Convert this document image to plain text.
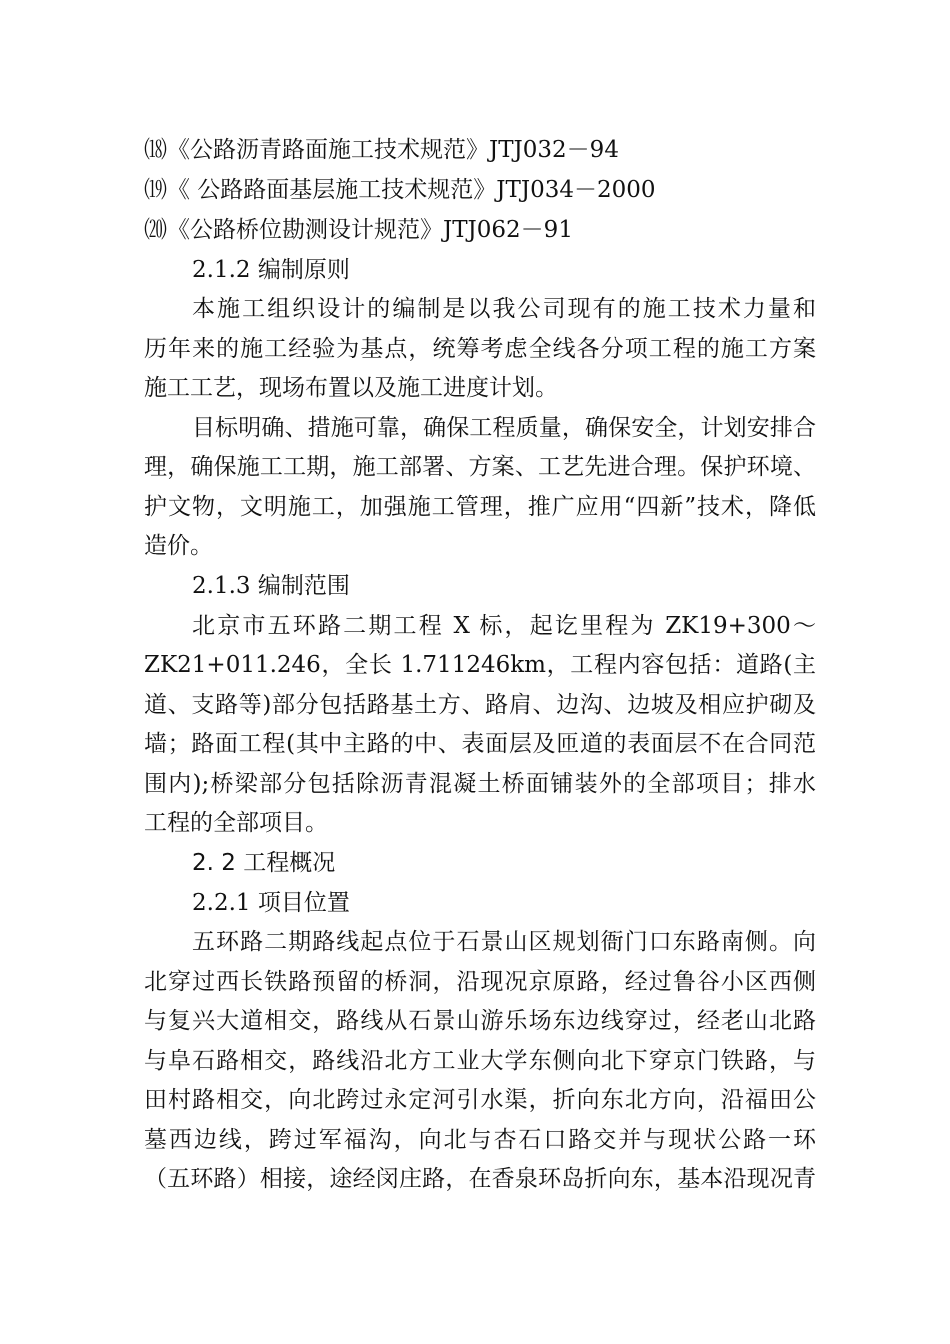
⒅《公路沥青路面施工技术规范》JTJ032－94
⒆《 公路路面基层施工技术规范》JTJ034－2000
⒇《公路桥位勘测设计规范》JTJ062－91
2.1.2 编制原则
本施工组织设计的编制是以我公司现有的施工技术力量和
历年来的施工经验为基点，统筹考虑全线各分项工程的施工方案
施工工艺，现场布置以及施工进度计划。
目标明确、措施可靠，确保工程质量，确保安全，计划安排合
理，确保施工工期，施工部署、方案、工艺先进合理。保护环境、
护文物，文明施工，加强施工管理，推广应用“四新”技术，降低
造价。
2.1.3 编制范围
北京市五环路二期工程 X 标，起讫里程为 ZK19+300～
ZK21+011.246，全长 1.711246km，工程内容包括：道路(主
道、支路等)部分包括路基土方、路肩、边沟、边坡及相应护砌及
墙；路面工程(其中主路的中、表面层及匝道的表面层不在合同范
围内);桥梁部分包括除沥青混凝土桥面铺装外的全部项目；排水
工程的全部项目。
2. 2 工程概况
2.2.1 项目位置
五环路二期路线起点位于石景山区规划衙门口东路南侧。向
北穿过西长铁路预留的桥洞，沿现况京原路，经过鲁谷小区西侧
与复兴大道相交，路线从石景山游乐场东边线穿过，经老山北路
与阜石路相交，路线沿北方工业大学东侧向北下穿京门铁路，与
田村路相交，向北跨过永定河引水渠，折向东北方向，沿福田公
墓西边线，跨过军福沟，向北与杏石口路交并与现状公路一环
（五环路）相接，途经闵庄路，在香泉环岛折向东，基本沿现况青
